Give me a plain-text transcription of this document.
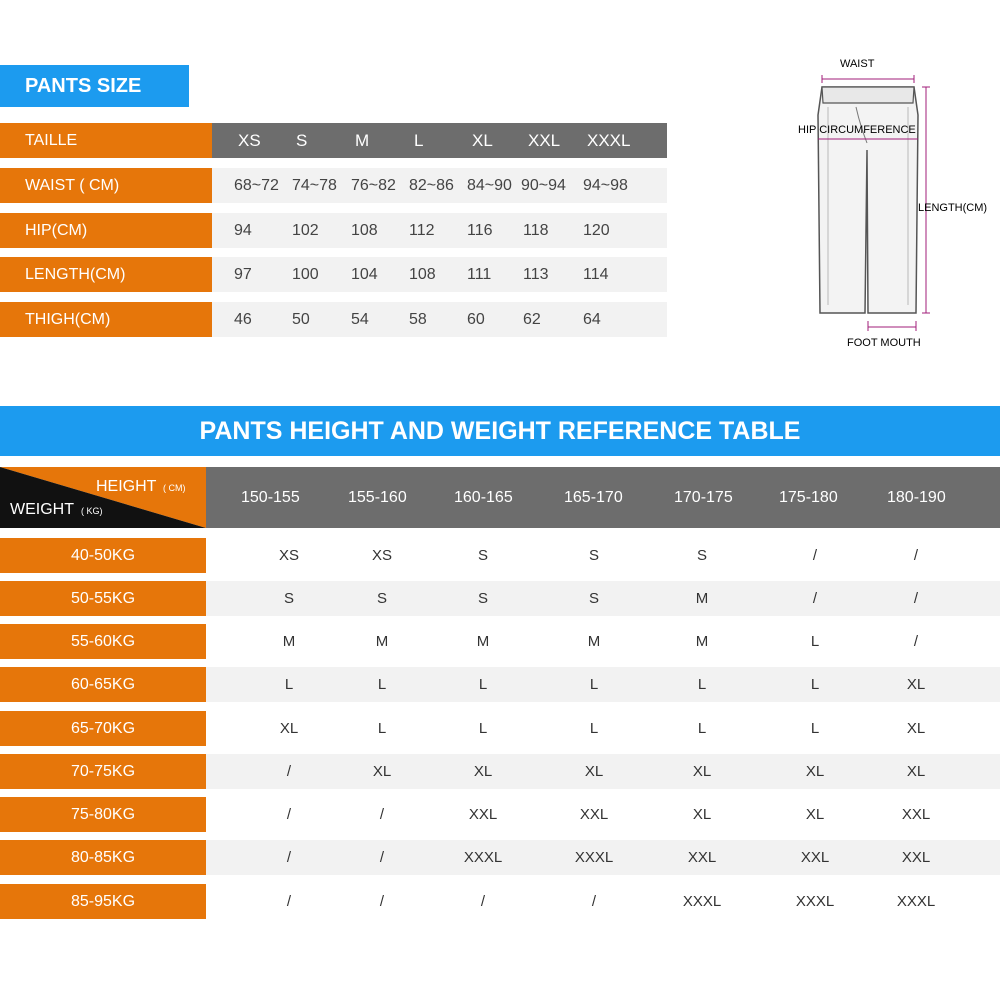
PANTS SIZE
TAILLE	XS S	M	L	XL XXL XXXL
WAIST ( CM)	68~72 74~78 76~82 82~86 84~90 90~94 94~98
HIP(CM)	94	102 108 112 116 118 120
LENGTH(CM)	97	100 104 108 111 113 114
THIGH(CM)	46	50	54	58	60 62	64
WAIST
HIP CIRCUMFERENCE
LENGTH(CM)
FOOT MOUTH
PANTS HEIGHT AND WEIGHT REFERENCE TABLE
HEIGHT ( CM)
WEIGHT ( KG)
150-155	155-160	160-165	165-170	170-175	175-180	180-190
40-50KG	XS	XS	S	S	S	/	/
50-55KG	S	S	S	S	M	/	/
55-60KG	M	M	M	M	M	L	/
60-65KG	L	L	L	L	L	L	XL
65-70KG	XL	L	L	L	L	L	XL
70-75KG	/	XL	XL	XL	XL	XL	XL
75-80KG	/	/	XXL	XXL	XL	XL	XXL
80-85KG	/	/	XXXL	XXXL	XXL	XXL	XXL
85-95KG	/	/	/	/	XXXL	XXXL	XXXL
